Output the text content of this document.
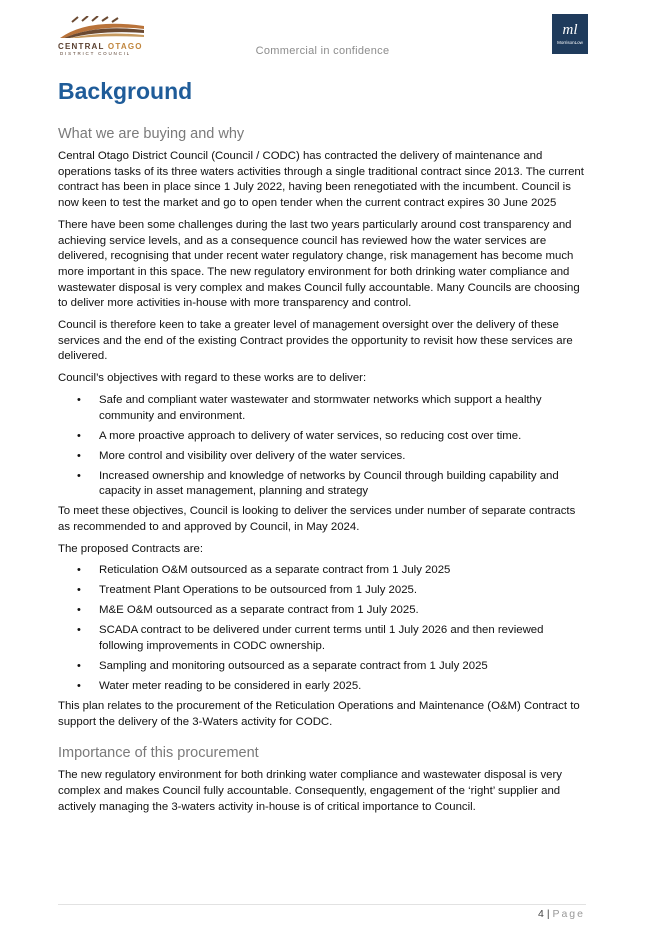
CENTRAL OTAGO
DISTRICT COUNCIL	Commercial in confidence
ml
MorrisonLow
Background
What we are buying and why

Central Otago District Council (Council / CODC) has contracted the delivery of maintenance and operations tasks of its three waters activities through a single traditional contract since 2013. The current contract has been in place since 1 July 2022, having been renegotiated with the incumbent. Council is now keen to test the market and go to open tender when the current contract expires 30 June 2025

There have been some challenges during the last two years particularly around cost transparency and achieving service levels, and as a consequence council has reviewed how the water services are delivered, recognising that under recent water regulatory change, risk management has become much more important in this space. The new regulatory environment for both drinking water compliance and wastewater disposal is very complex and makes Council fully accountable. Many Councils are choosing to deliver more activities in-house with more transparency and control.

Council is therefore keen to take a greater level of management oversight over the delivery of these services and the end of the existing Contract provides the opportunity to revisit how these services are delivered.

Council’s objectives with regard to these works are to deliver:

• Safe and compliant water wastewater and stormwater networks which support a healthy community and environment.
• A more proactive approach to delivery of water services, so reducing cost over time.
• More control and visibility over delivery of the water services.
• Increased ownership and knowledge of networks by Council through building capability and capacity in asset management, planning and strategy

To meet these objectives, Council is looking to deliver the services under number of separate contracts as recommended to and approved by Council, in May 2024.

The proposed Contracts are:

• Reticulation O&M outsourced as a separate contract from 1 July 2025
• Treatment Plant Operations to be outsourced from 1 July 2025.
• M&E O&M outsourced as a separate contract from 1 July 2025.
• SCADA contract to be delivered under current terms until 1 July 2026 and then reviewed following improvements in CODC ownership.
• Sampling and monitoring outsourced as a separate contract from 1 July 2025
• Water meter reading to be considered in early 2025.

This plan relates to the procurement of the Reticulation Operations and Maintenance (O&M) Contract to support the delivery of the 3-Waters activity for CODC.

Importance of this procurement

The new regulatory environment for both drinking water compliance and wastewater disposal is very complex and makes Council fully accountable. Consequently, engagement of the ‘right’ supplier and actively managing the 3-waters activity in-house is of critical importance to Council.

4 | Page
